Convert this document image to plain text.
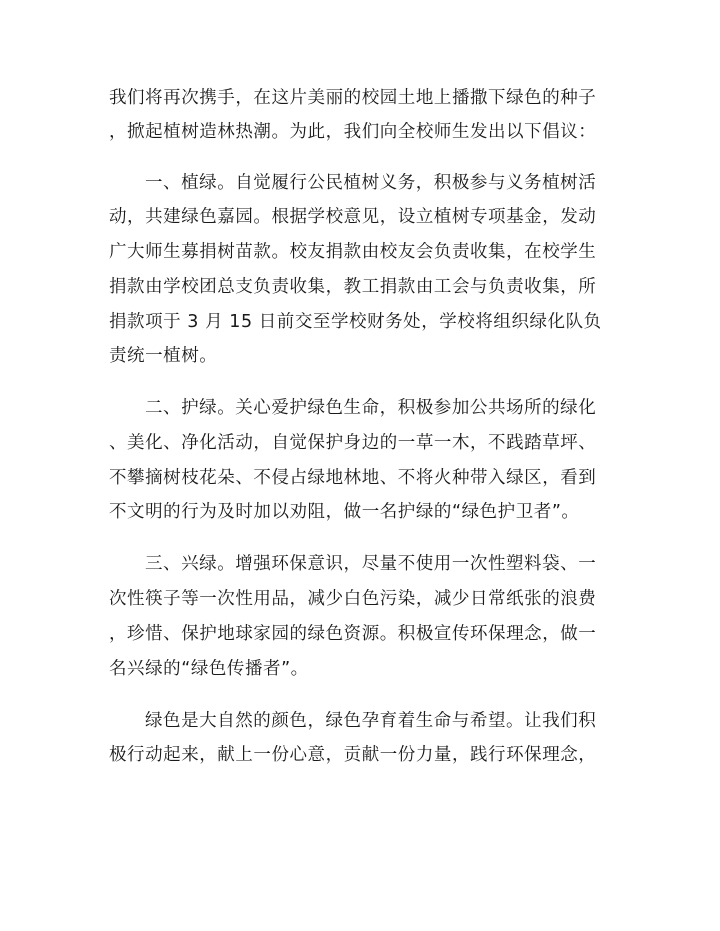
我们将再次携手，在这片美丽的校园土地上播撒下绿色的种子
，掀起植树造林热潮。为此，我们向全校师生发出以下倡议：
一、植绿。自觉履行公民植树义务，积极参与义务植树活
动，共建绿色嘉园。根据学校意见，设立植树专项基金，发动
广大师生募捐树苗款。校友捐款由校友会负责收集，在校学生
捐款由学校团总支负责收集，教工捐款由工会与负责收集，所
捐款项于 3 月 15 日前交至学校财务处，学校将组织绿化队负
责统一植树。
二、护绿。关心爱护绿色生命，积极参加公共场所的绿化
、美化、净化活动，自觉保护身边的一草一木，不践踏草坪、
不攀摘树枝花朵、不侵占绿地林地、不将火种带入绿区，看到
不文明的行为及时加以劝阻，做一名护绿的“绿色护卫者”。
三、兴绿。增强环保意识，尽量不使用一次性塑料袋、一
次性筷子等一次性用品，减少白色污染，减少日常纸张的浪费
，珍惜、保护地球家园的绿色资源。积极宣传环保理念，做一
名兴绿的“绿色传播者”。
绿色是大自然的颜色，绿色孕育着生命与希望。让我们积
极行动起来，献上一份心意，贡献一份力量，践行环保理念，
